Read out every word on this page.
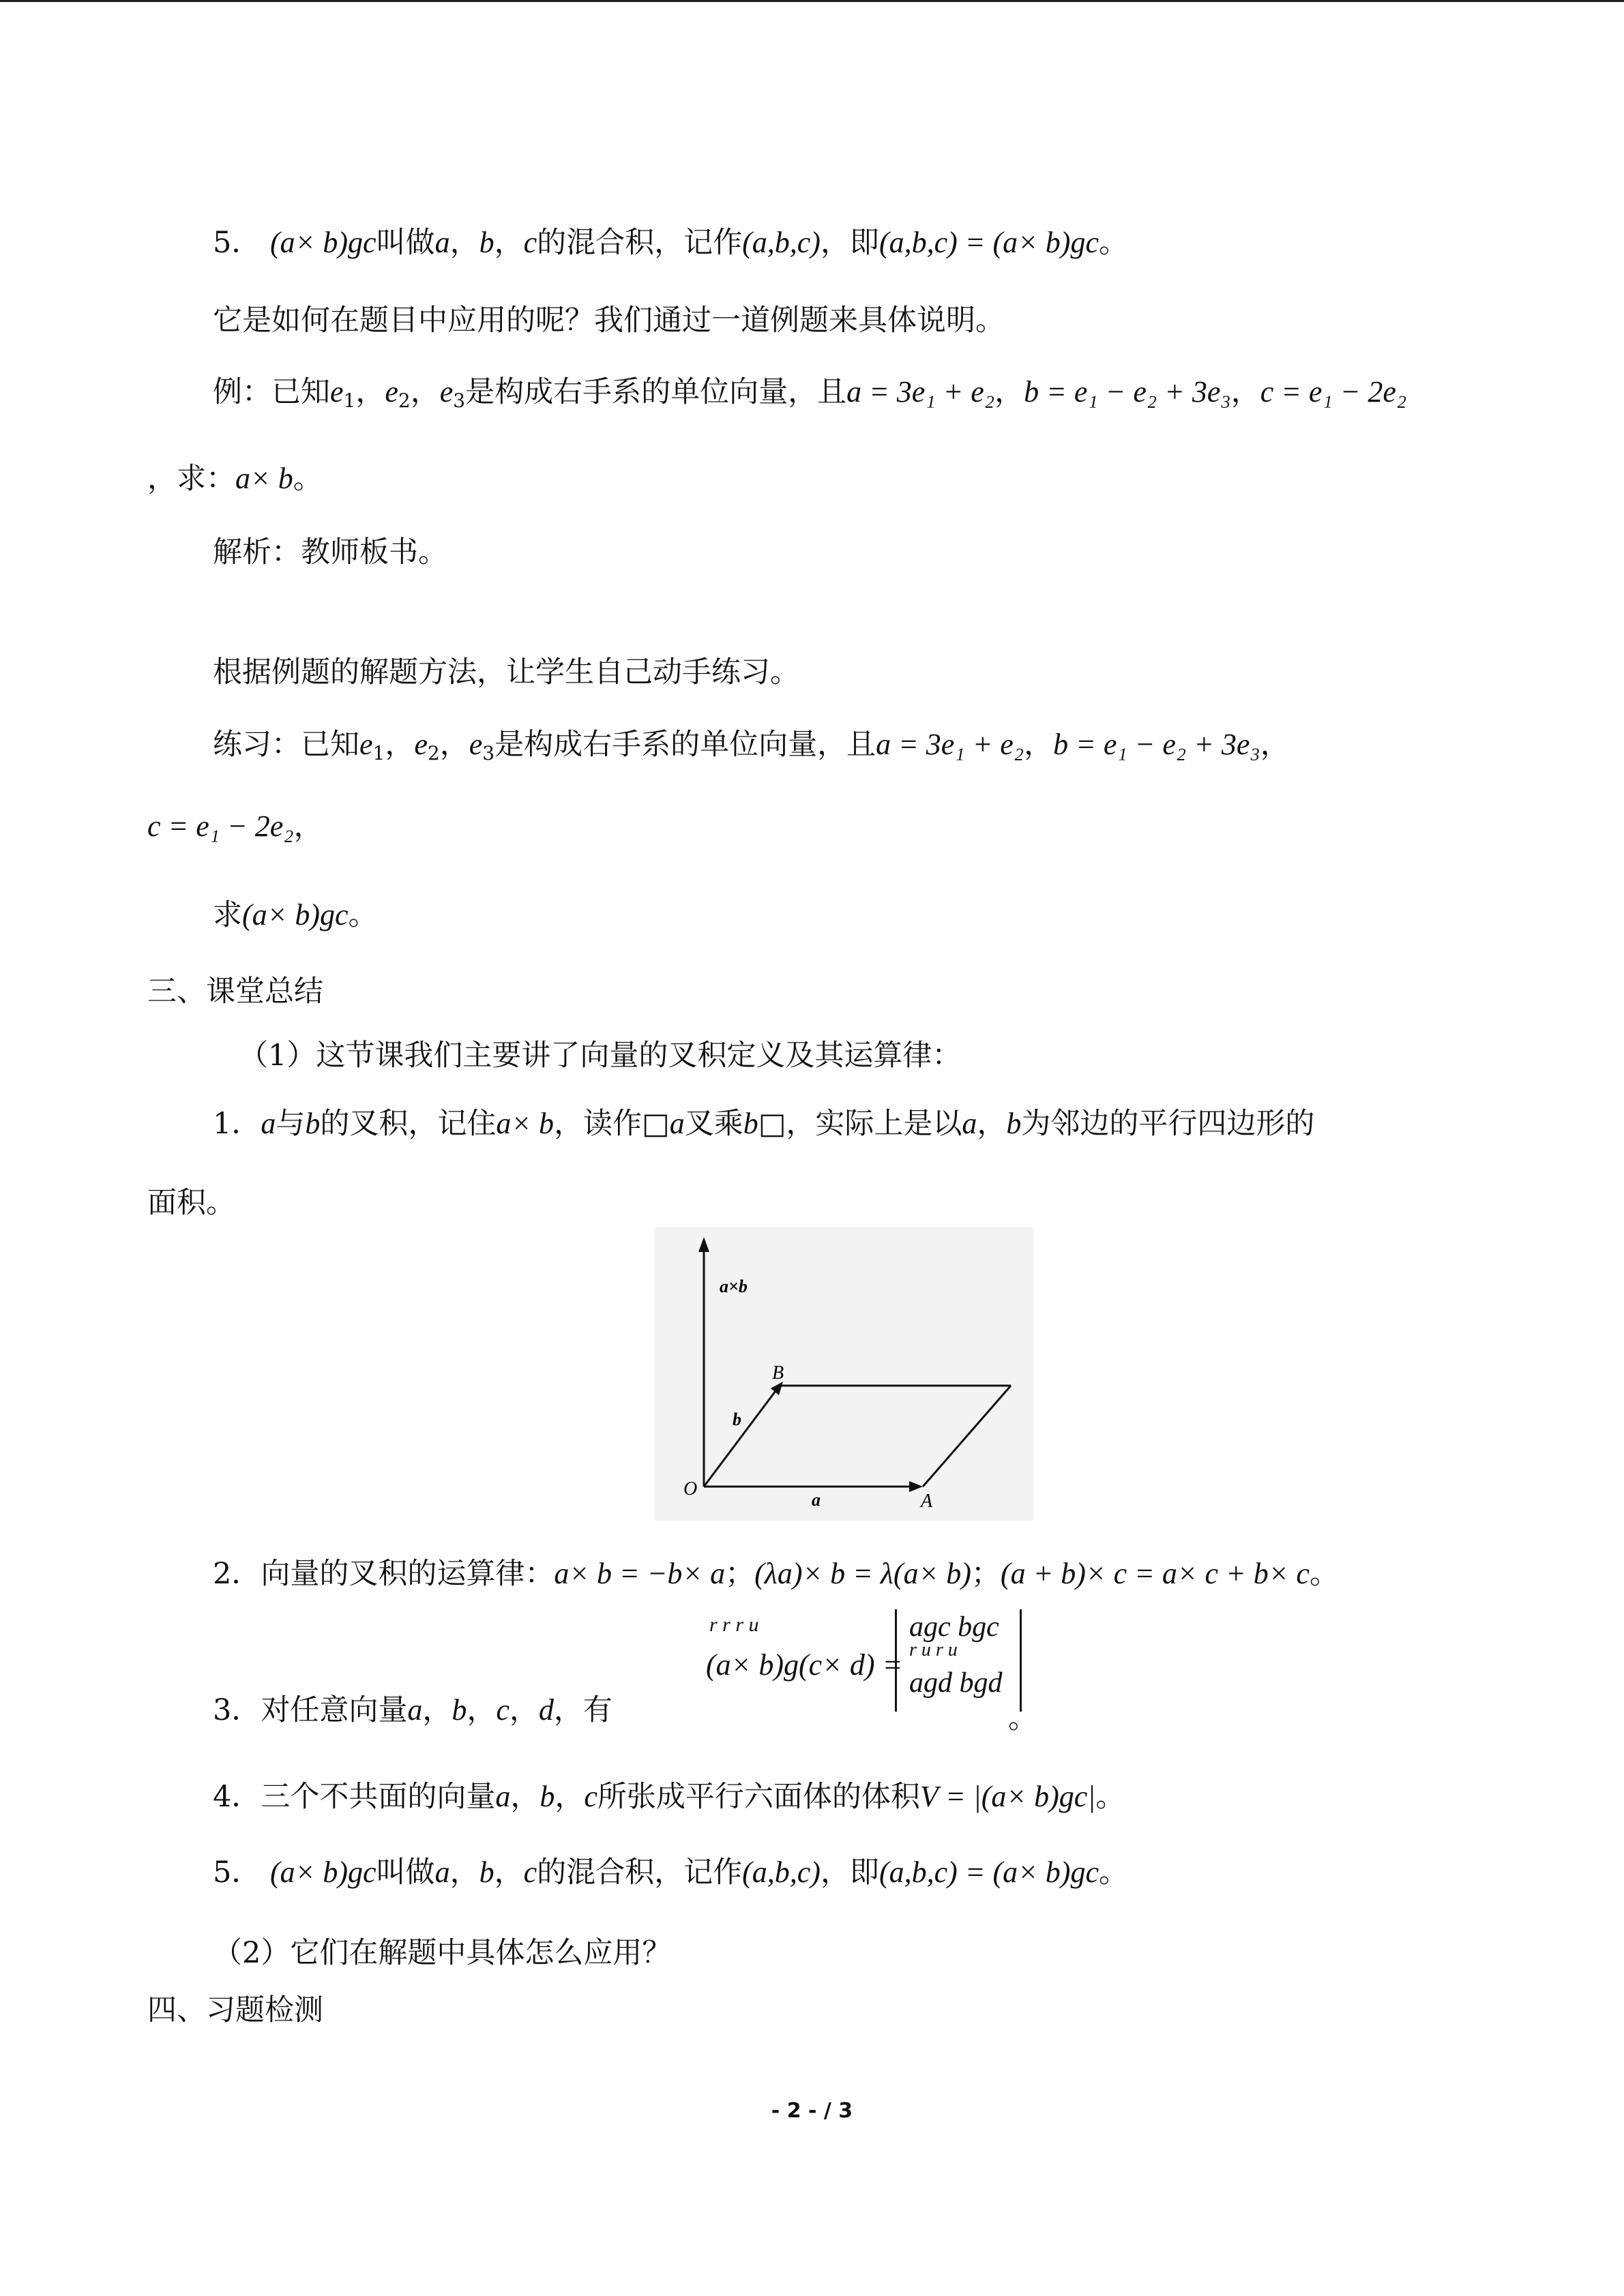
5． (a× b)gc叫做a，b，c的混合积，记作(a,b,c)，即(a,b,c) = (a× b)gc。
它是如何在题目中应用的呢？我们通过一道例题来具体说明。
例：已知$e_1$，$e_2$，$e_3$是构成右手系的单位向量，且a = 3e₁ + e₂，b = e₁ − e₂ + 3e₃，c = e₁ − 2e₂
，求：a× b。
解析：教师板书。
根据例题的解题方法，让学生自己动手练习。
练习：已知$e_1$，$e_2$，$e_3$是构成右手系的单位向量，且a = 3e₁ + e₂，b = e₁ − e₂ + 3e₃，
c = e₁ − 2e₂，
求(a× b)gc。
三、课堂总结
（1）这节课我们主要讲了向量的叉积定义及其运算律：
1．a与b的叉积，记住a× b，读作□a叉乘b□，实际上是以a，b为邻边的平行四边形的
面积。
a×b
B
b
O
a	A
2．向量的叉积的运算律：a× b = −b× a；(λa)× b = λ(a× b)；(a + b)× c = a× c + b× c。
r r r u
(a× b)g(c× d) =
agc bgc
r u r u
agd bgd
3．对任意向量a，b，c，d，有	。
4．三个不共面的向量a，b，c所张成平行六面体的体积V = |(a× b)gc|。
5． (a× b)gc叫做a，b，c的混合积，记作(a,b,c)，即(a,b,c) = (a× b)gc。
（2）它们在解题中具体怎么应用？
四、习题检测
- 2 - / 3
